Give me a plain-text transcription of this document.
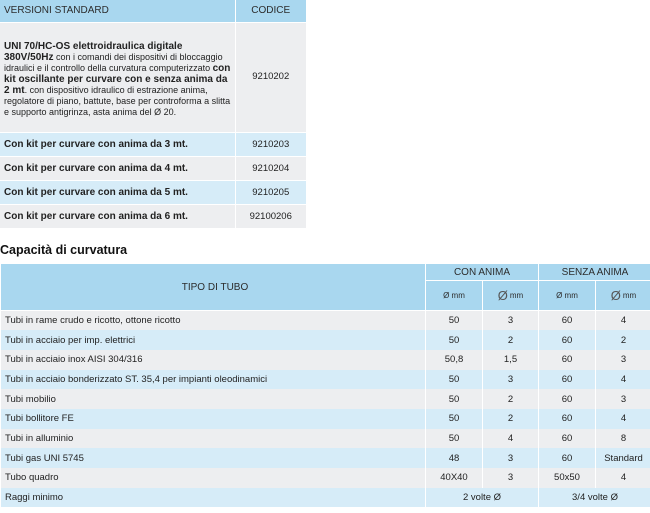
VERSIONI STANDARD	CODICE
UNI 70/HC-OS elettroidraulica digitale 380V/50Hz con i comandi dei dispositivi di bloccaggio idraulici e il controllo della curvatura computerizzato con kit oscillante per curvare con e senza anima da 2 mt. con dispositivo idraulico di estrazione anima, regolatore di piano, battute, base per controforma a slitta e supporto antigrinza, asta anima del Ø 20.	9210202
Con kit per curvare con anima da 3 mt.	9210203
Con kit per curvare con anima da 4 mt.	9210204
Con kit per curvare con anima da 5 mt.	9210205
Con kit per curvare con anima da 6 mt.	92100206
Capacità di curvatura
TIPO DI TUBO	CON ANIMA		SENZA ANIMA	
	Ø mm	Ø mm	Ø mm	Ø mm

Tubi in rame crudo e ricotto, ottone ricotto	50	3	60	4
Tubi in acciaio per imp. elettrici	50	2	60	2
Tubi in acciaio inox AISI 304/316	50,8	1,5	60	3
Tubi in acciaio bonderizzato ST. 35,4 per impianti oleodinamici	50	3	60	4
Tubi mobilio	50	2	60	3
Tubi bollitore FE	50	2	60	4
Tubi in alluminio	50	4	60	8
Tubi gas UNI 5745	48	3	60	Standard
Tubo quadro	40X40	3	50x50	4
Raggi minimo	2 volte Ø		3/4 volte Ø	
